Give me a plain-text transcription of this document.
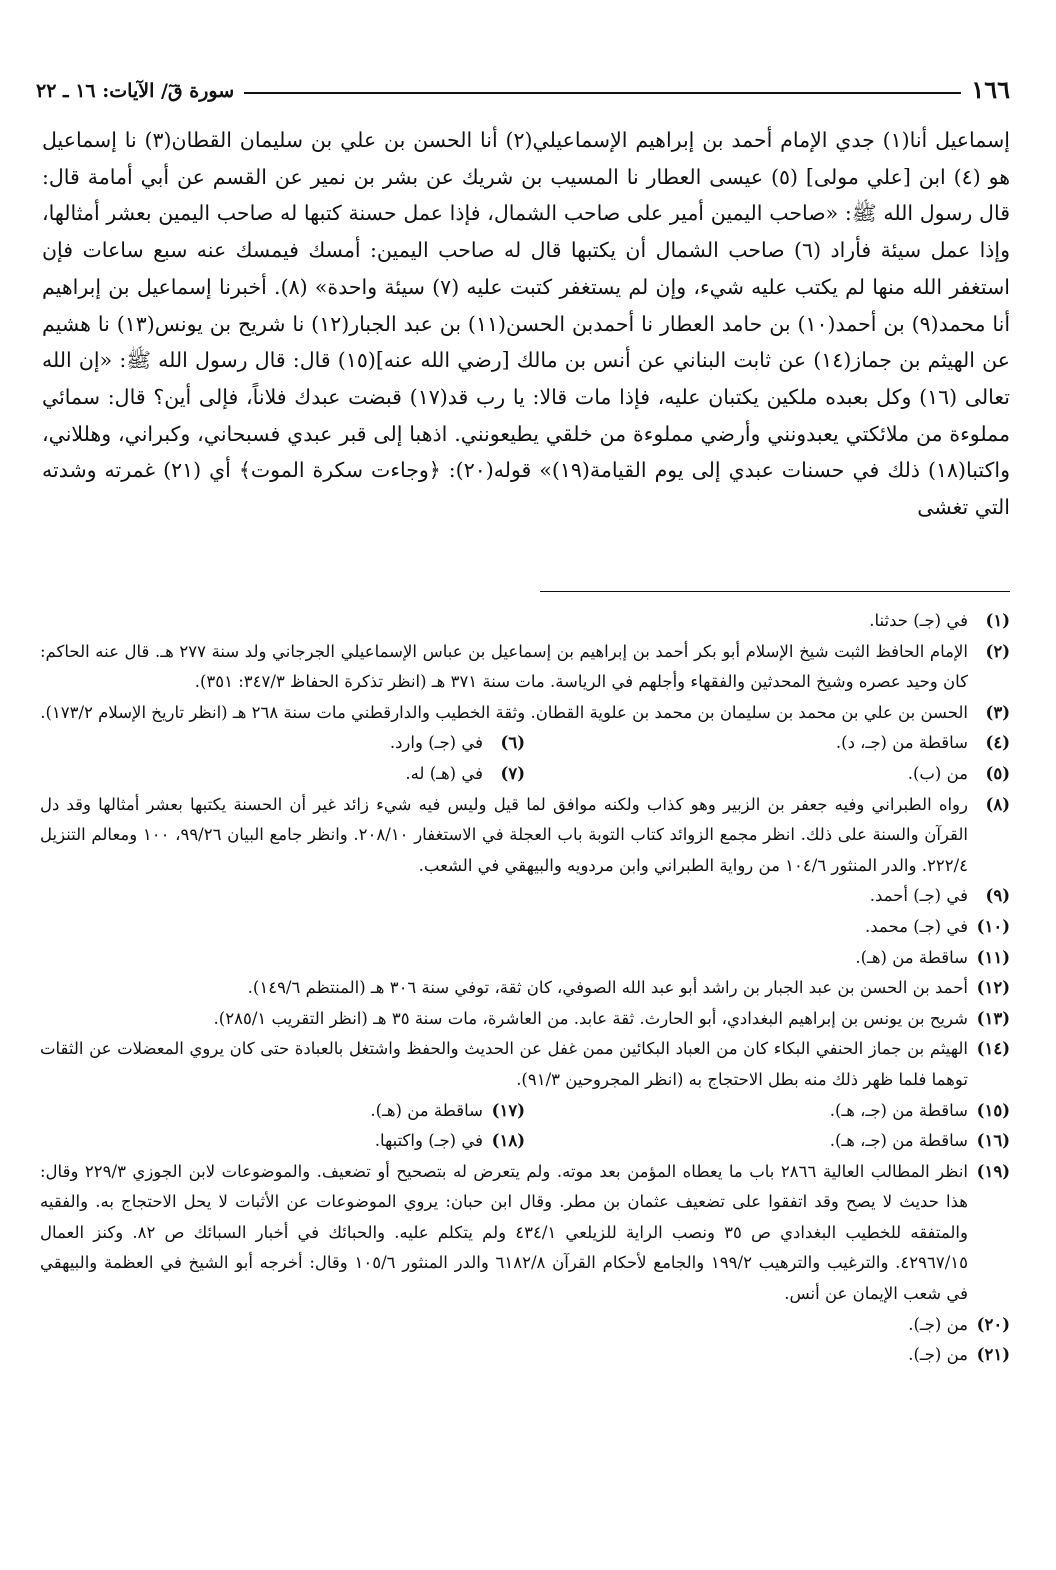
١٦٦
سورة قٓ/ الآيات: ١٦ ـ ٢٢

إسماعيل أنا(١) جدي الإمام أحمد بن إبراهيم الإسماعيلي(٢) أنا الحسن بن علي بن سليمان القطان(٣) نا إسماعيل هو (٤) ابن [علي مولى] (٥) عيسى العطار نا المسيب بن شريك عن بشر بن نمير عن القسم عن أبي أمامة قال: قال رسول الله ﷺ: «صاحب اليمين أمير على صاحب الشمال، فإذا عمل حسنة كتبها له صاحب اليمين بعشر أمثالها، وإذا عمل سيئة فأراد (٦) صاحب الشمال أن يكتبها قال له صاحب اليمين: أمسك فيمسك عنه سبع ساعات فإن استغفر الله منها لم يكتب عليه شيء، وإن لم يستغفر كتبت عليه (٧) سيئة واحدة» (٨). أخبرنا إسماعيل بن إبراهيم أنا محمد(٩) بن أحمد(١٠) بن حامد العطار نا أحمدبن الحسن(١١) بن عبد الجبار(١٢) نا شريح بن يونس(١٣) نا هشيم عن الهيثم بن جماز(١٤) عن ثابت البناني عن أنس بن مالك [رضي الله عنه](١٥) قال: قال رسول الله ﷺ: «إن الله تعالى (١٦) وكل بعبده ملكين يكتبان عليه، فإذا مات قالا: يا رب قد(١٧) قبضت عبدك فلاناً، فإلى أين؟ قال: سمائي مملوءة من ملائكتي يعبدونني وأرضي مملوءة من خلقي يطيعونني. اذهبا إلى قبر عبدي فسبحاني، وكبراني، وهللاني، واكتبا(١٨) ذلك في حسنات عبدي إلى يوم القيامة(١٩)» قوله(٢٠): ﴿وجاءت سكرة الموت﴾ أي (٢١) غمرته وشدته التي تغشى

(١)
في (جـ) حدثنا.
(٢)
الإمام الحافظ الثبت شيخ الإسلام أبو بكر أحمد بن إبراهيم بن إسماعيل بن عباس الإسماعيلي الجرجاني ولد سنة ٢٧٧ هـ. قال عنه الحاكم: كان وحيد عصره وشيخ المحدثين والفقهاء وأجلهم في الرياسة. مات سنة ٣٧١ هـ (انظر تذكرة الحفاظ ٣٤٧/٣: ٣٥١).
(٣)
الحسن بن علي بن محمد بن سليمان بن محمد بن علوية القطان. وثقة الخطيب والدارقطني مات سنة ٢٦٨ هـ (انظر تاريخ الإسلام ١٧٣/٢).
(٤)
ساقطة من (جـ، د).
(٦)
في (جـ) وارد.
(٥)
من (ب).
(٧)
في (هـ) له.
(٨)
رواه الطبراني وفيه جعفر بن الزبير وهو كذاب ولكنه موافق لما قيل وليس فيه شيء زائد غير أن الحسنة يكتبها بعشر أمثالها وقد دل القرآن والسنة على ذلك. انظر مجمع الزوائد كتاب التوبة باب العجلة في الاستغفار ٢٠٨/١٠. وانظر جامع البيان ٩٩/٢٦، ١٠٠ ومعالم التنزيل ٢٢٢/٤. والدر المنثور ١٠٤/٦ من رواية الطبراني وابن مردويه والبيهقي في الشعب.
(٩)
في (جـ) أحمد.
(١٠)
في (جـ) محمد.
(١١)
ساقطة من (هـ).
(١٢)
أحمد بن الحسن بن عبد الجبار بن راشد أبو عبد الله الصوفي، كان ثقة، توفي سنة ٣٠٦ هـ (المنتظم ١٤٩/٦).
(١٣)
شريح بن يونس بن إبراهيم البغدادي، أبو الحارث. ثقة عابد. من العاشرة، مات سنة ٣٥ هـ (انظر التقريب ٢٨٥/١).
(١٤)
الهيثم بن جماز الحنفي البكاء كان من العباد البكائين ممن غفل عن الحديث والحفظ واشتغل بالعبادة حتى كان يروي المعضلات عن الثقات توهما فلما ظهر ذلك منه بطل الاحتجاج به (انظر المجروحين ٩١/٣).
(١٥)
ساقطة من (جـ، هـ).
(١٧)
ساقطة من (هـ).
(١٦)
ساقطة من (جـ، هـ).
(١٨)
في (جـ) واكتبها.
(١٩)
انظر المطالب العالية ٢٨٦٦ باب ما يعطاه المؤمن بعد موته. ولم يتعرض له بتصحيح أو تضعيف. والموضوعات لابن الجوزي ٢٢٩/٣ وقال: هذا حديث لا يصح وقد اتفقوا على تضعيف عثمان بن مطر. وقال ابن حبان: يروي الموضوعات عن الأثبات لا يحل الاحتجاج به. والفقيه والمتفقه للخطيب البغدادي ص ٣٥ ونصب الراية للزيلعي ٤٣٤/١ ولم يتكلم عليه. والحبائك في أخبار السبائك ص ٨٢. وكنز العمال ٤٢٩٦٧/١٥. والترغيب والترهيب ١٩٩/٢ والجامع لأحكام القرآن ٦١٨٢/٨ والدر المنثور ١٠٥/٦ وقال: أخرجه أبو الشيخ في العظمة والبيهقي في شعب الإيمان عن أنس.
(٢٠)
من (جـ).
(٢١)
من (جـ).
